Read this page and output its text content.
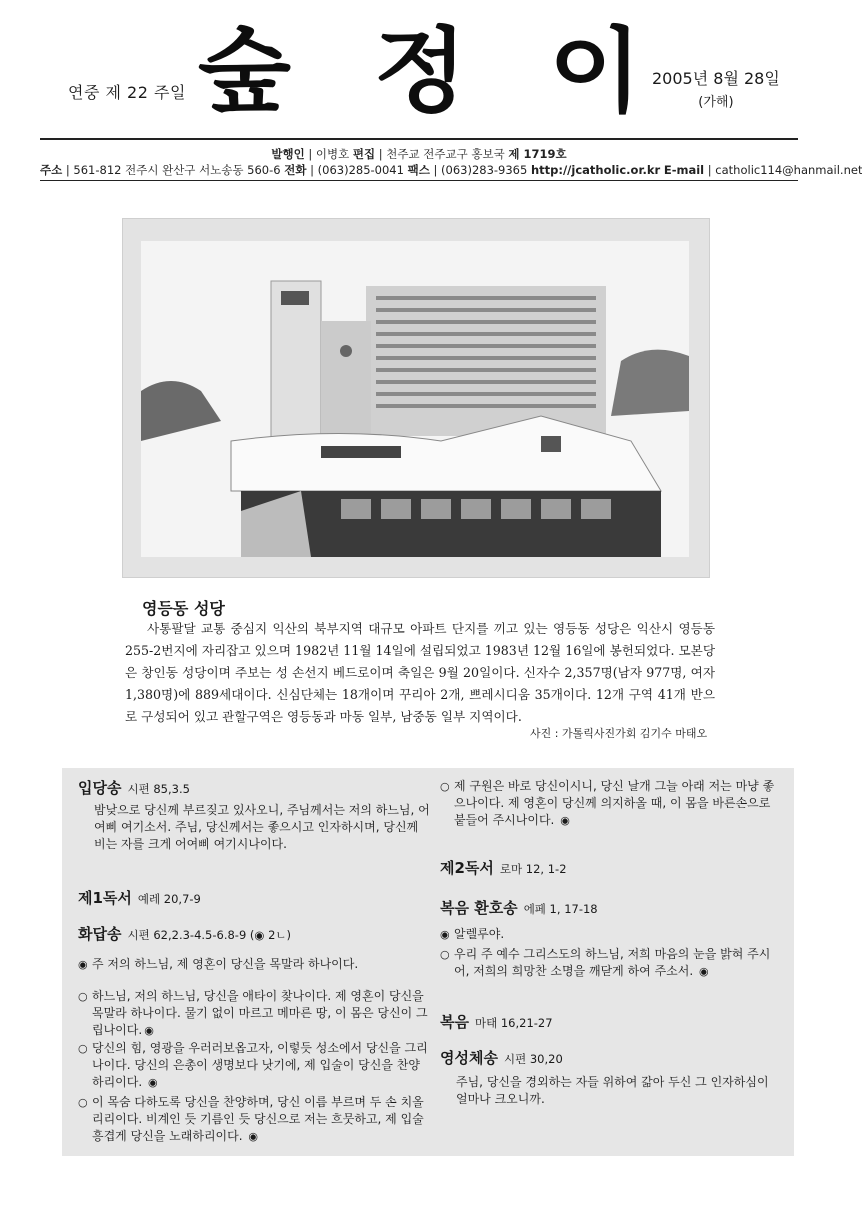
연중 제 22 주일 숲 정 이 2005년 8월 28일
(가해)
발행인 | 이병호 편집 | 천주교 전주교구 홍보국 제 1719호
주소 | 561-812 전주시 완산구 서노송동 560-6 전화 | (063)285-0041 팩스 | (063)283-9365 http://jcatholic.or.kr E-mail | catholic114@hanmail.net
영등동 성당
사통팔달 교통 중심지 익산의 북부지역 대규모 아파트 단지를 끼고 있는 영등동 성당은 익산시 영등동 255-2번지에 자리잡고 있으며 1982년 11월 14일에 설립되었고 1983년 12월 16일에 봉헌되었다. 모본당은 창인동 성당이며 주보는 성 손선지 베드로이며 축일은 9월 20일이다. 신자수 2,357명(남자 977명, 여자 1,380명)에 889세대이다. 신심단체는 18개이며 꾸리아 2개, 쁘레시디움 35개이다. 12개 구역 41개 반으로 구성되어 있고 관할구역은 영등동과 마동 일부, 남중동 일부 지역이다.
사진 : 가톨릭사진가회 김기수 마태오
입당송 시편 85,3.5
밤낮으로 당신께 부르짖고 있사오니, 주님께서는 저의 하느님, 어여삐 여기소서. 주님, 당신께서는 좋으시고 인자하시며, 당신께 비는 자를 크게 어여삐 여기시나이다.
제1독서 예레 20,7-9
화답송 시편 62,2.3-4.5-6.8-9 (◉ 2ㄴ)
◉ 주 저의 하느님, 제 영혼이 당신을 목말라 하나이다.
○ 하느님, 저의 하느님, 당신을 애타이 찾나이다. 제 영혼이 당신을 목말라 하나이다. 물기 없이 마르고 메마른 땅, 이 몸은 당신이 그립나이다. ◉
○ 당신의 힘, 영광을 우러러보옵고자, 이렇듯 성소에서 당신을 그리나이다. 당신의 은총이 생명보다 낫기에, 제 입술이 당신을 찬양하리이다. ◉
○ 이 목숨 다하도록 당신을 찬양하며, 당신 이름 부르며 두 손 치올리리이다. 비계인 듯 기름인 듯 당신으로 저는 흐뭇하고, 제 입술 흥겹게 당신을 노래하리이다. ◉
○ 제 구원은 바로 당신이시니, 당신 날개 그늘 아래 저는 마냥 좋으나이다. 제 영혼이 당신께 의지하올 때, 이 몸을 바른손으로 붙들어 주시나이다. ◉
제2독서 로마 12, 1-2
복음 환호송 에페 1, 17-18
◉ 알렐루야.
○ 우리 주 예수 그리스도의 하느님, 저희 마음의 눈을 밝혀 주시어, 저희의 희망찬 소명을 깨닫게 하여 주소서. ◉
복음 마태 16,21-27
영성체송 시편 30,20
주님, 당신을 경외하는 자들 위하여 갊아 두신 그 인자하심이 얼마나 크오니까.
